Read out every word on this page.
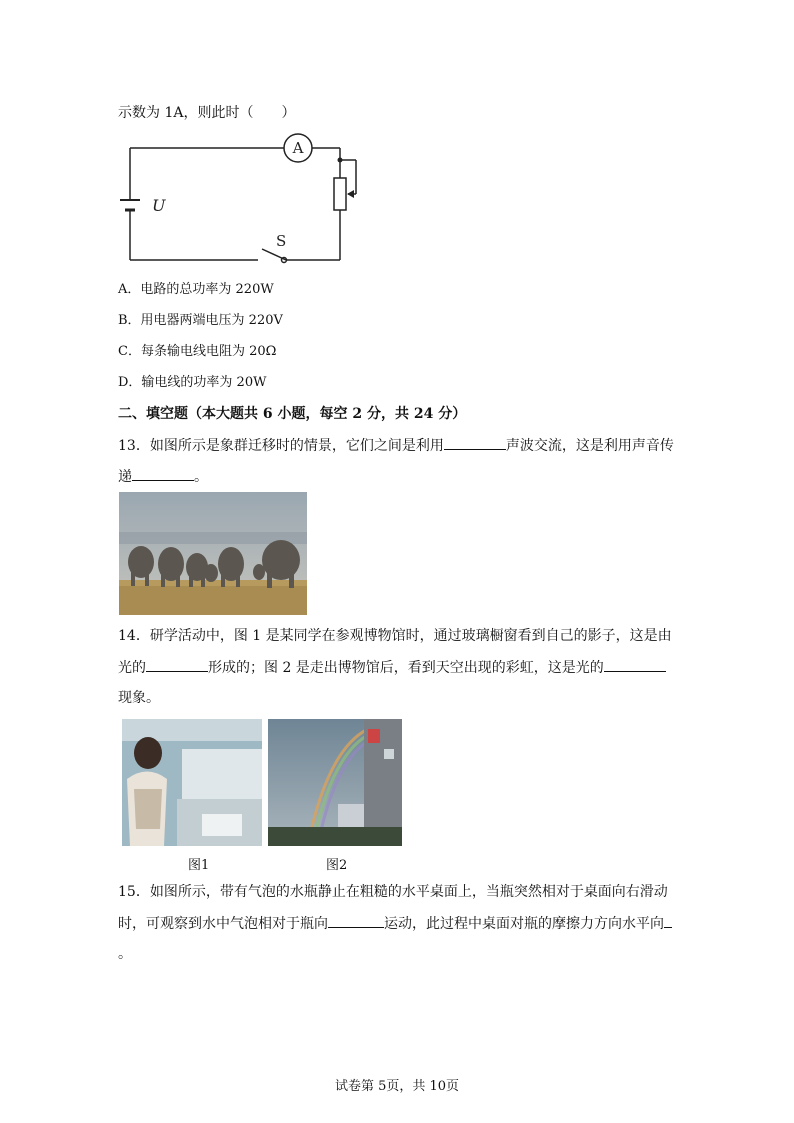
示数为 1A，则此时（　　）
A
U
S
A．电路的总功率为 220W
B．用电器两端电压为 220V
C．每条输电线电阻为 20Ω
D．输电线的功率为 20W
二、填空题（本大题共 6 小题，每空 2 分，共 24 分）
13．如图所示是象群迁移时的情景，它们之间是利用	声波交流，这是利用声音传
递	。
14．研学活动中，图 1 是某同学在参观博物馆时，通过玻璃橱窗看到自己的影子，这是由
光的	形成的；图 2 是走出博物馆后，看到天空出现的彩虹，这是光的
现象。
图1	图2
15．如图所示，带有气泡的水瓶静止在粗糙的水平桌面上，当瓶突然相对于桌面向右滑动
时，可观察到水中气泡相对于瓶向	运动，此过程中桌面对瓶的摩擦力方向水平向
。
试卷第 5页，共 10页
